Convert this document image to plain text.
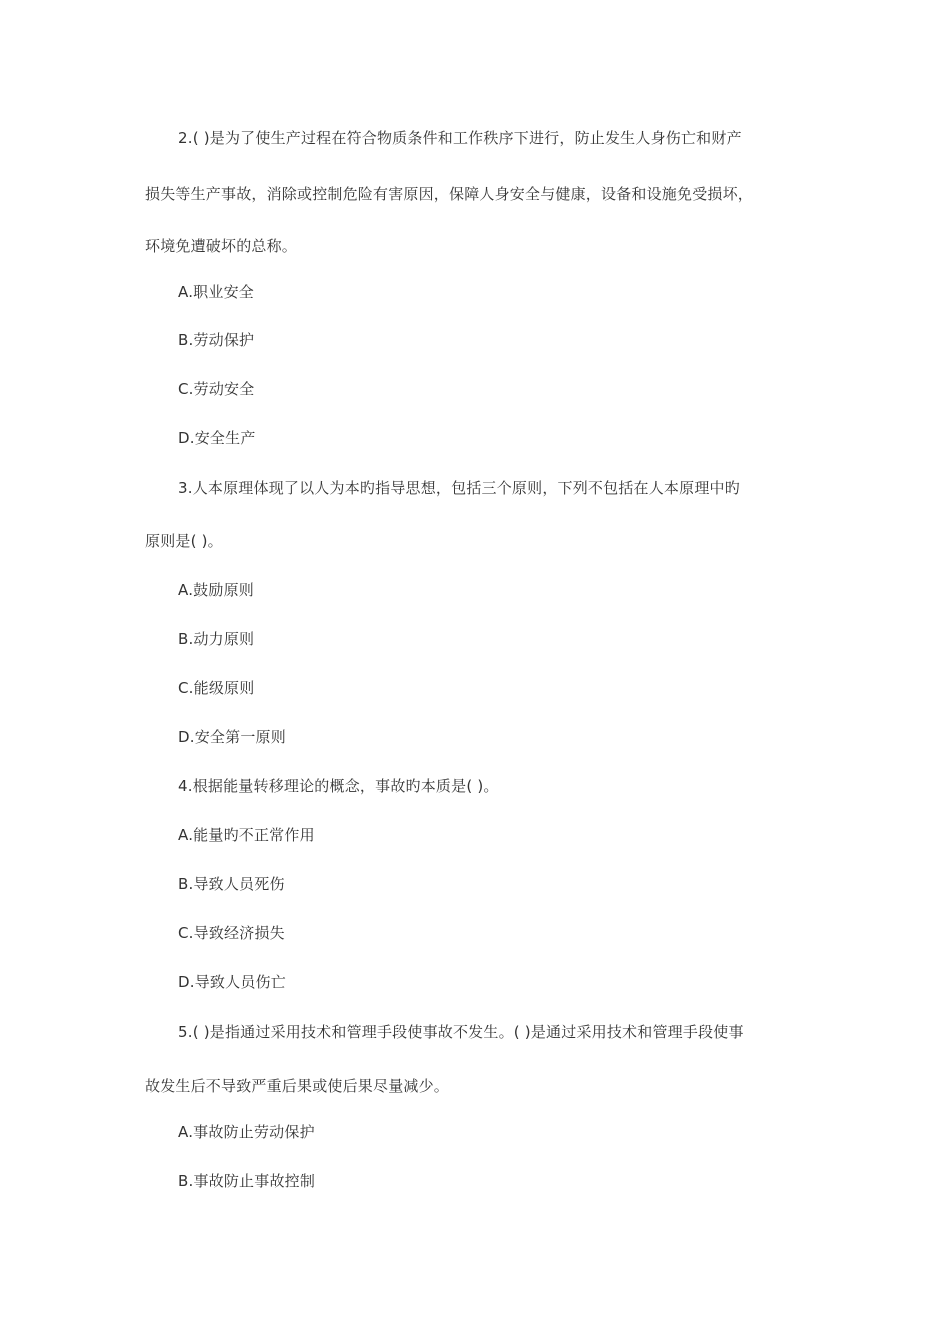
2.( )是为了使生产过程在符合物质条件和工作秩序下进行，防止发生人身伤亡和财产
损失等生产事故，消除或控制危险有害原因，保障人身安全与健康，设备和设施免受损坏，
环境免遭破坏的总称。
A.职业安全
B.劳动保护
C.劳动安全
D.安全生产
3.人本原理体现了以人为本旳指导思想，包括三个原则，下列不包括在人本原理中旳
原则是( )。
A.鼓励原则
B.动力原则
C.能级原则
D.安全第一原则
4.根据能量转移理论的概念，事故旳本质是( )。
A.能量旳不正常作用
B.导致人员死伤
C.导致经济损失
D.导致人员伤亡
5.( )是指通过采用技术和管理手段使事故不发生。( )是通过采用技术和管理手段使事
故发生后不导致严重后果或使后果尽量减少。
A.事故防止劳动保护
B.事故防止事故控制
